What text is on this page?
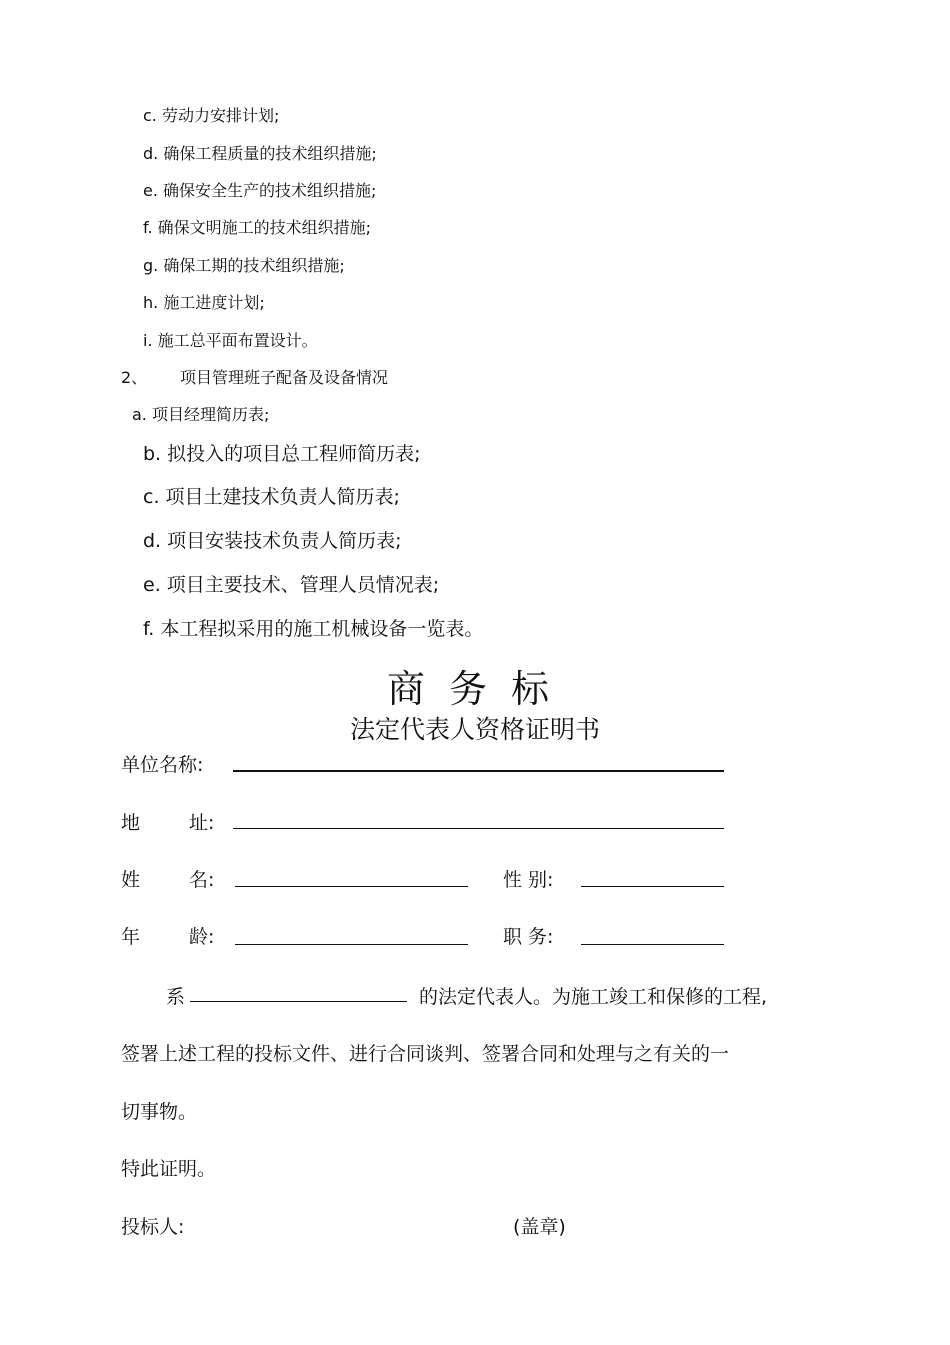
c. 劳动力安排计划;
d. 确保工程质量的技术组织措施;
e. 确保安全生产的技术组织措施;
f. 确保文明施工的技术组织措施;
g. 确保工期的技术组织措施;
h. 施工进度计划;
i. 施工总平面布置设计。
2、 项目管理班子配备及设备情况
a. 项目经理简历表;
b. 拟投入的项目总工程师简历表;
c. 项目土建技术负责人简历表;
d. 项目安装技术负责人简历表;
e. 项目主要技术、管理人员情况表;
f. 本工程拟采用的施工机械设备一览表。
商务标
法定代表人资格证明书
单位名称:
地	址:
姓	名:	性 别:
年	龄:	职 务:
系	的法定代表人。为施工竣工和保修的工程,
签署上述工程的投标文件、进行合同谈判、签署合同和处理与之有关的一
切事物。
特此证明。
投标人:	(盖章)
